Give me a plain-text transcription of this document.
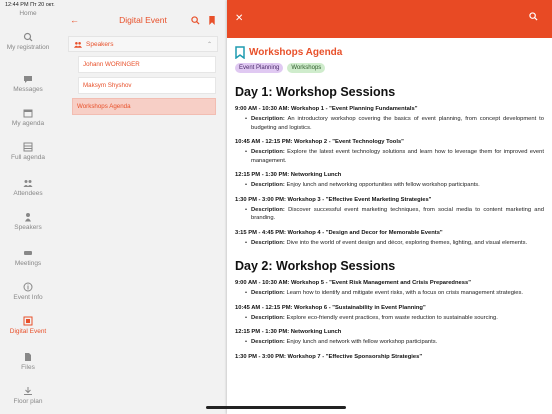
12:44 PM
Пт 20 окт.
Home
My registration
Messages
My agenda
Full agenda
Attendees
Speakers
Meetings
Event Info
Digital Event
Files
Floor plan
←	Digital Event
Speakers	⌃
Johann WORINGER
Maksym Shyshov
Workshops Agenda
✕
Workshops Agenda
Event Planning	Workshops
Day 1: Workshop Sessions
9:00 AM - 10:30 AM: Workshop 1 - "Event Planning Fundamentals"
• Description: An introductory workshop covering the basics of event planning, from concept development to budgeting and logistics.
10:45 AM - 12:15 PM: Workshop 2 - "Event Technology Tools"
• Description: Explore the latest event technology solutions and learn how to leverage them for improved event management.
12:15 PM - 1:30 PM: Networking Lunch
• Description: Enjoy lunch and networking opportunities with fellow workshop participants.
1:30 PM - 3:00 PM: Workshop 3 - "Effective Event Marketing Strategies"
• Description: Discover successful event marketing techniques, from social media to content marketing and branding.
3:15 PM - 4:45 PM: Workshop 4 - "Design and Decor for Memorable Events"
• Description: Dive into the world of event design and décor, exploring themes, lighting, and visual elements.
Day 2: Workshop Sessions
9:00 AM - 10:30 AM: Workshop 5 - "Event Risk Management and Crisis Preparedness"
• Description: Learn how to identify and mitigate event risks, with a focus on crisis management strategies.
10:45 AM - 12:15 PM: Workshop 6 - "Sustainability in Event Planning"
• Description: Explore eco-friendly event practices, from waste reduction to sustainable sourcing.
12:15 PM - 1:30 PM: Networking Lunch
• Description: Enjoy lunch and network with fellow workshop participants.
1:30 PM - 3:00 PM: Workshop 7 - "Effective Sponsorship Strategies"
